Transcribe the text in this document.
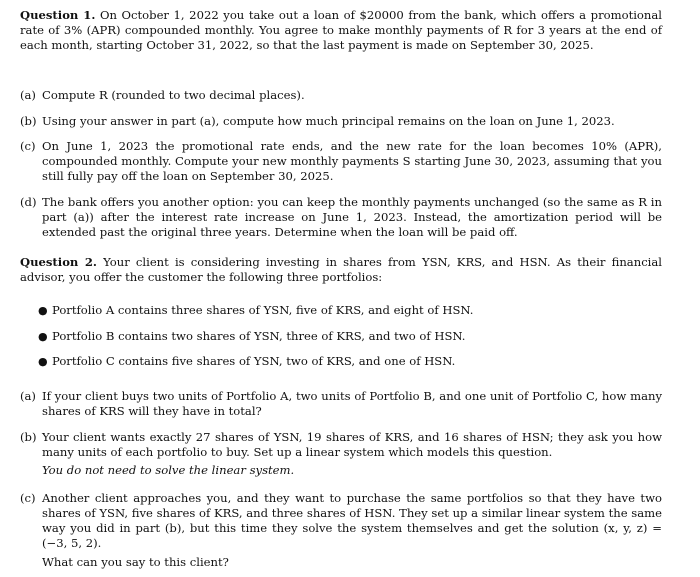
Question 1. On October 1, 2022 you take out a loan of $20000 from the bank, which offers a promotional rate of 3% (APR) compounded monthly. You agree to make monthly payments of R for 3 years at the end of each month, starting October 31, 2022, so that the last payment is made on September 30, 2025.

(a) Compute R (rounded to two decimal places).
(b) Using your answer in part (a), compute how much principal remains on the loan on June 1, 2023.
(c) On June 1, 2023 the promotional rate ends, and the new rate for the loan becomes 10% (APR), compounded monthly. Compute your new monthly payments S starting June 30, 2023, assuming that you still fully pay off the loan on September 30, 2025.
(d) The bank offers you another option: you can keep the monthly payments unchanged (so the same as R in part (a)) after the interest rate increase on June 1, 2023. Instead, the amortization period will be extended past the original three years. Determine when the loan will be paid off.

Question 2. Your client is considering investing in shares from YSN, KRS, and HSN. As their financial advisor, you offer the customer the following three portfolios:

● Portfolio A contains three shares of YSN, five of KRS, and eight of HSN.
● Portfolio B contains two shares of YSN, three of KRS, and two of HSN.
● Portfolio C contains five shares of YSN, two of KRS, and one of HSN.
(a) If your client buys two units of Portfolio A, two units of Portfolio B, and one unit of Portfolio C, how many shares of KRS will they have in total?
(b) Your client wants exactly 27 shares of YSN, 19 shares of KRS, and 16 shares of HSN; they ask you how many units of each portfolio to buy. Set up a linear system which models this question.

You do not need to solve the linear system.

(c) Another client approaches you, and they want to purchase the same portfolios so that they have two shares of YSN, five shares of KRS, and three shares of HSN. They set up a similar linear system the same way you did in part (b), but this time they solve the system themselves and get the solution (x, y, z) = (−3, 5, 2).

What can you say to this client?
